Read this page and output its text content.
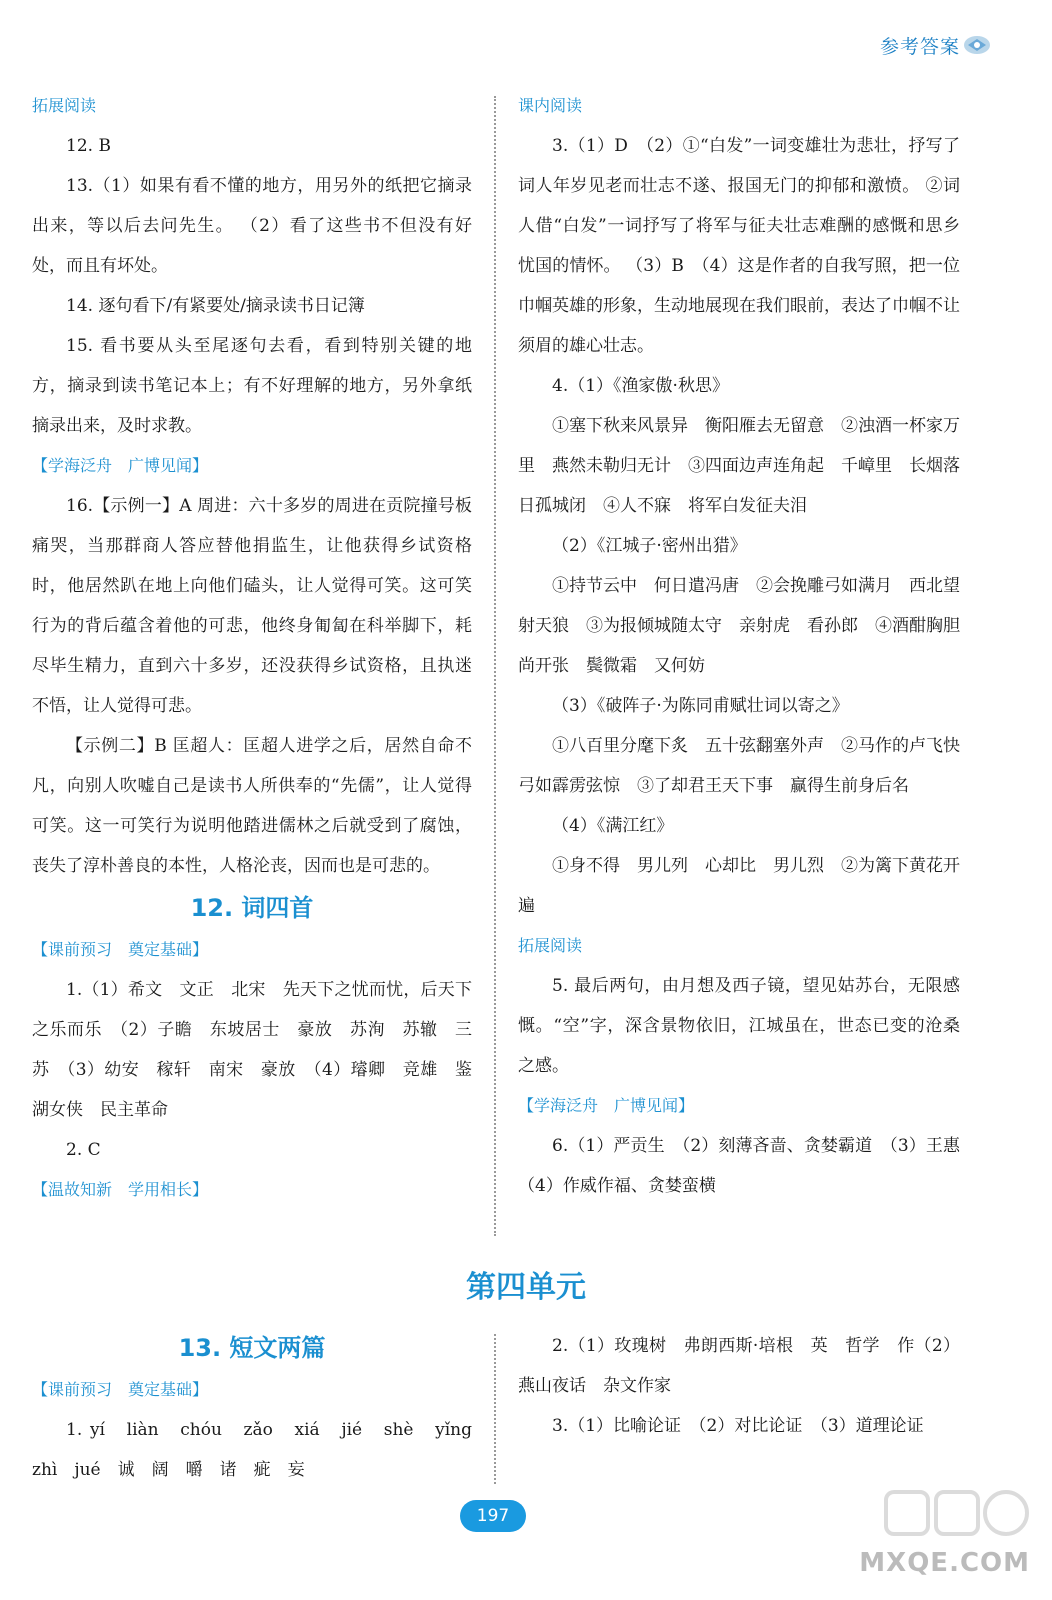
参考答案

拓展阅读

12. B

13.（1）如果有看不懂的地方，用另外的纸把它摘录出来，等以后去问先生。 （2）看了这些书不但没有好处，而且有坏处。

14. 逐句看下/有紧要处/摘录读书日记簿

15. 看书要从头至尾逐句去看，看到特别关键的地方，摘录到读书笔记本上；有不好理解的地方，另外拿纸摘录出来，及时求教。

【学海泛舟　广博见闻】

16.【示例一】A 周进：六十多岁的周进在贡院撞号板痛哭，当那群商人答应替他捐监生，让他获得乡试资格时，他居然趴在地上向他们磕头，让人觉得可笑。这可笑行为的背后蕴含着他的可悲，他终身匍匐在科举脚下，耗尽毕生精力，直到六十多岁，还没获得乡试资格，且执迷不悟，让人觉得可悲。

【示例二】B 匡超人：匡超人进学之后，居然自命不凡，向别人吹嘘自己是读书人所供奉的“先儒”，让人觉得可笑。这一可笑行为说明他踏进儒林之后就受到了腐蚀，丧失了淳朴善良的本性，人格沦丧，因而也是可悲的。

12. 词四首

【课前预习　奠定基础】

1.（1）希文　文正　北宋　先天下之忧而忧，后天下之乐而乐　（2）子瞻　东坡居士　豪放　苏洵　苏辙　三苏　（3）幼安　稼轩　南宋　豪放　（4）璿卿　竞雄　鉴湖女侠　民主革命

2. C

【温故知新　学用相长】

课内阅读

3.（1）D　（2）①“白发”一词变雄壮为悲壮，抒写了词人年岁见老而壮志不遂、报国无门的抑郁和激愤。 ②词人借“白发”一词抒写了将军与征夫壮志难酬的感慨和思乡忧国的情怀。 （3）B　（4）这是作者的自我写照，把一位巾帼英雄的形象，生动地展现在我们眼前，表达了巾帼不让须眉的雄心壮志。

4.（1）《渔家傲·秋思》

①塞下秋来风景异　衡阳雁去无留意　②浊酒一杯家万里　燕然未勒归无计　③四面边声连角起　千嶂里　长烟落日孤城闭　④人不寐　将军白发征夫泪

（2）《江城子·密州出猎》

①持节云中　何日遣冯唐　②会挽雕弓如满月　西北望　射天狼　③为报倾城随太守　亲射虎　看孙郎　④酒酣胸胆尚开张　鬓微霜　又何妨

（3）《破阵子·为陈同甫赋壮词以寄之》

①八百里分麾下炙　五十弦翻塞外声　②马作的卢飞快　弓如霹雳弦惊　③了却君王天下事　赢得生前身后名

（4）《满江红》

①身不得　男儿列　心却比　男儿烈　②为篱下黄花开遍

拓展阅读

5. 最后两句，由月想及西子镜，望见姑苏台，无限感慨。“空”字，深含景物依旧，江城虽在，世态已变的沧桑之感。

【学海泛舟　广博见闻】

6.（1）严贡生　（2）刻薄吝啬、贪婪霸道　（3）王惠　（4）作威作福、贪婪蛮横

第四单元

13. 短文两篇

【课前预习　奠定基础】

1. yí　liàn　chóu　zǎo　xiá　jié　shè　yǐng　zhì　jué　诚　阔　嚼　诸　疵　妄

2.（1）玫瑰树　弗朗西斯·培根　英　哲学　作（2）燕山夜话　杂文作家

3.（1）比喻论证　（2）对比论证　（3）道理论证

197
MXQE.COM
